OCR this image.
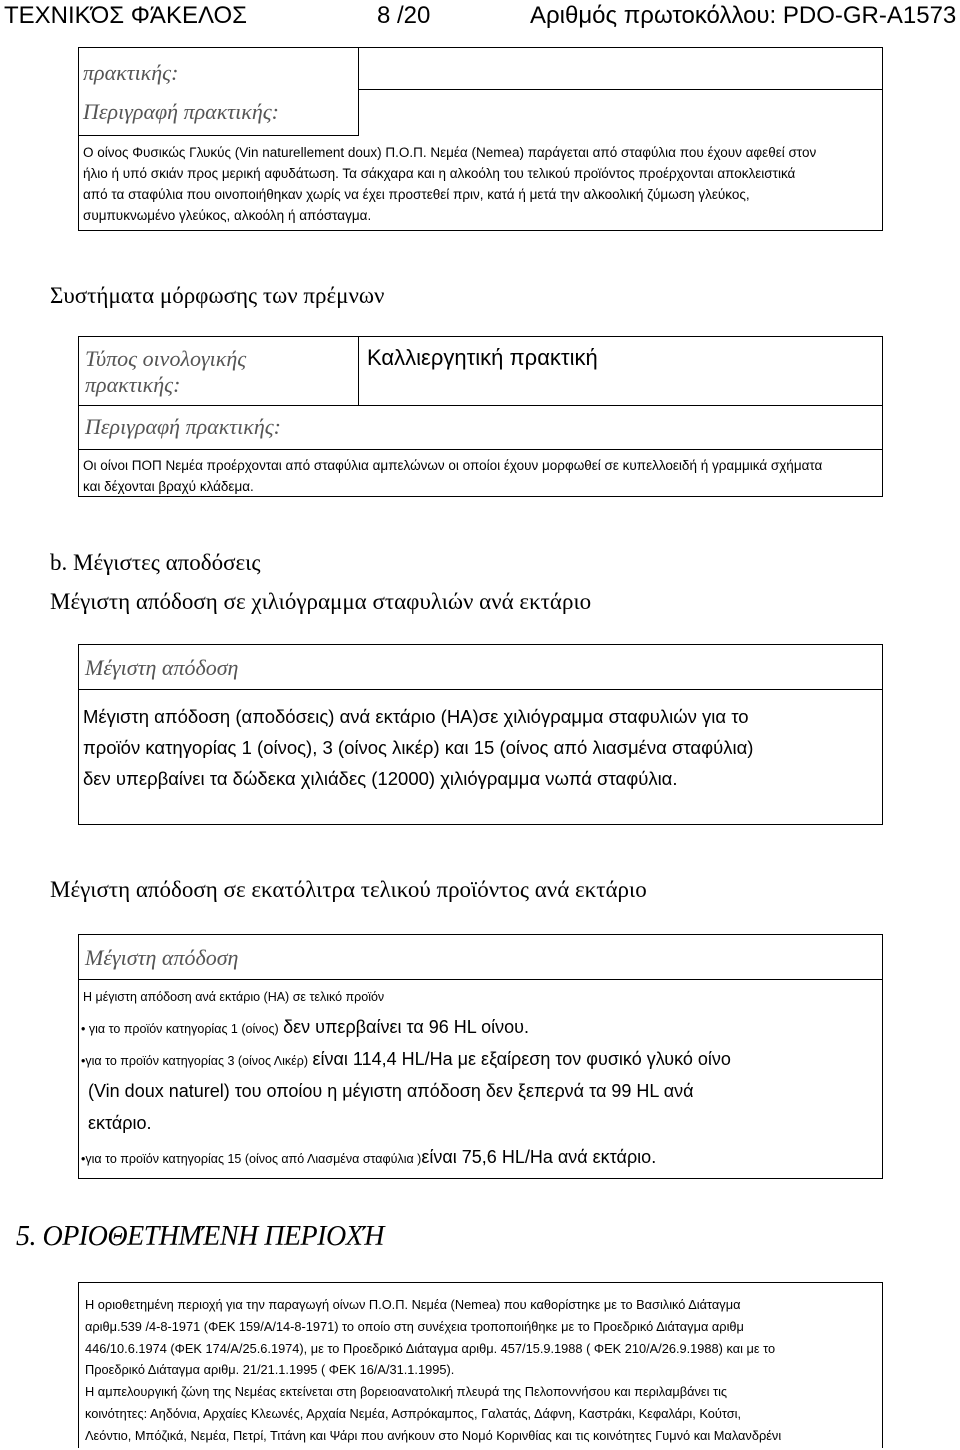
ΤΕΧΝΙΚΌΣ ΦΆΚΕΛΟΣ	8 /20	Αριθμός πρωτοκόλλου: PDO-GR-A1573
πρακτικής:
Περιγραφή πρακτικής:
Ο οίνος Φυσικώς Γλυκύς (Vin naturellement doux) Π.Ο.Π. Νεμέα (Nemea) παράγεται από σταφύλια που έχουν αφεθεί στον
ήλιο ή υπό σκιάν προς μερική αφυδάτωση. Τα σάκχαρα και η αλκοόλη του τελικού προϊόντος προέρχονται αποκλειστικά
από τα σταφύλια που οινοποιήθηκαν χωρίς να έχει προστεθεί πριν, κατά ή μετά την αλκοολική ζύμωση γλεύκος,
συμπυκνωμένο γλεύκος, αλκοόλη ή απόσταγμα.
Συστήματα μόρφωσης των πρέμνων
Τύπος οινολογικής
πρακτικής:
Καλλιεργητική πρακτική
Περιγραφή πρακτικής:
Οι οίνοι ΠΟΠ Νεμέα προέρχονται από σταφύλια αμπελώνων οι οποίοι έχουν μορφωθεί σε κυπελλοειδή ή γραμμικά σχήματα
και δέχονται βραχύ κλάδεμα.
b. Μέγιστες αποδόσεις
Μέγιστη απόδοση σε χιλιόγραμμα σταφυλιών ανά εκτάριο
Μέγιστη απόδοση
Μέγιστη απόδοση (αποδόσεις) ανά εκτάριο (HA)σε χιλιόγραμμα σταφυλιών για το
προϊόν κατηγορίας 1 (οίνος), 3 (οίνος λικέρ) και 15 (οίνος από λιασμένα σταφύλια)
δεν υπερβαίνει τα δώδεκα χιλιάδες (12000) χιλιόγραμμα νωπά σταφύλια.
Μέγιστη απόδοση σε εκατόλιτρα τελικού προϊόντος ανά εκτάριο
Μέγιστη απόδοση
Η μέγιστη απόδοση ανά εκτάριο (HA) σε τελικό προϊόν
• για το προϊόν κατηγορίας 1 (οίνος) δεν υπερβαίνει τα 96 HL οίνου.
•για το προϊόν κατηγορίας 3 (οίνος Λικέρ) είναι 114,4 HL/Ha με εξαίρεση τον φυσικό γλυκό οίνο
(Vin doux naturel) του οποίου η μέγιστη απόδοση δεν ξεπερνά τα 99 HL ανά
εκτάριο.
•για το προϊόν κατηγορίας 15 (οίνος από Λιασμένα σταφύλια )είναι 75,6 HL/Ha ανά εκτάριο.
5. ΟΡΙΟΘΕΤΗΜΈΝΗ ΠΕΡΙΟΧΉ
Η οριοθετημένη περιοχή για την παραγωγή οίνων Π.Ο.Π. Νεμέα (Nemea) που καθορίστηκε με το Βασιλικό Διάταγμα
αριθμ.539 /4-8-1971 (ΦΕΚ 159/Α/14-8-1971) το οποίο στη συνέχεια τροποποιήθηκε με το Προεδρικό Διάταγμα αριθμ
446/10.6.1974 (ΦΕΚ 174/Α/25.6.1974), με το Προεδρικό Διάταγμα αριθμ. 457/15.9.1988 ( ΦΕΚ 210/Α/26.9.1988) και με το
Προεδρικό Διάταγμα αριθμ. 21/21.1.1995 ( ΦΕΚ 16/Α/31.1.1995).
Η αμπελουργική ζώνη της Νεμέας εκτείνεται στη βορειοανατολική πλευρά της Πελοποννήσου και περιλαμβάνει τις
κοινότητες: Αηδόνια, Αρχαίες Κλεωνές, Αρχαία Νεμέα, Ασπρόκαμπος, Γαλατάς, Δάφνη, Καστράκι, Κεφαλάρι, Κούτσι,
Λεόντιο, Μπόζικά, Νεμέα, Πετρί, Τιτάνη και Ψάρι που ανήκουν στο Νομό Κορινθίας και τις κοινότητες Γυμνό και Μαλανδρένι
